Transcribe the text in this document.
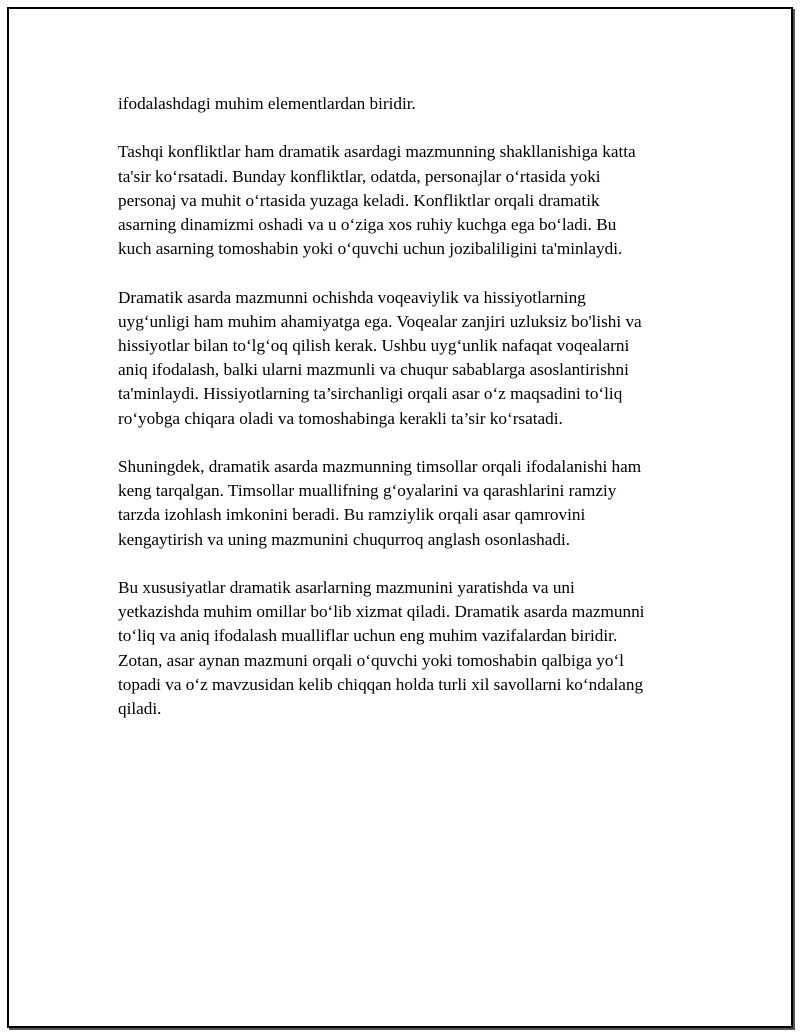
ifodalashdagi muhim elementlardan biridir.

Tashqi konfliktlar ham dramatik asardagi mazmunning shakllanishiga katta
ta'sir ko‘rsatadi. Bunday konfliktlar, odatda, personajlar o‘rtasida yoki
personaj va muhit o‘rtasida yuzaga keladi. Konfliktlar orqali dramatik
asarning dinamizmi oshadi va u o‘ziga xos ruhiy kuchga ega bo‘ladi. Bu
kuch asarning tomoshabin yoki o‘quvchi uchun jozibaliligini ta'minlaydi.

Dramatik asarda mazmunni ochishda voqeaviylik va hissiyotlarning
uyg‘unligi ham muhim ahamiyatga ega. Voqealar zanjiri uzluksiz bo'lishi va
hissiyotlar bilan to‘lg‘oq qilish kerak. Ushbu uyg‘unlik nafaqat voqealarni
aniq ifodalash, balki ularni mazmunli va chuqur sabablarga asoslantirishni
ta'minlaydi. Hissiyotlarning ta’sirchanligi orqali asar o‘z maqsadini to‘liq
ro‘yobga chiqara oladi va tomoshabinga kerakli ta’sir ko‘rsatadi.

Shuningdek, dramatik asarda mazmunning timsollar orqali ifodalanishi ham
keng tarqalgan. Timsollar muallifning g‘oyalarini va qarashlarini ramziy
tarzda izohlash imkonini beradi. Bu ramziylik orqali asar qamrovini
kengaytirish va uning mazmunini chuqurroq anglash osonlashadi.

Bu xususiyatlar dramatik asarlarning mazmunini yaratishda va uni
yetkazishda muhim omillar bo‘lib xizmat qiladi. Dramatik asarda mazmunni
to‘liq va aniq ifodalash mualliflar uchun eng muhim vazifalardan biridir.
Zotan, asar aynan mazmuni orqali o‘quvchi yoki tomoshabin qalbiga yo‘l
topadi va o‘z mavzusidan kelib chiqqan holda turli xil savollarni ko‘ndalang
qiladi.
